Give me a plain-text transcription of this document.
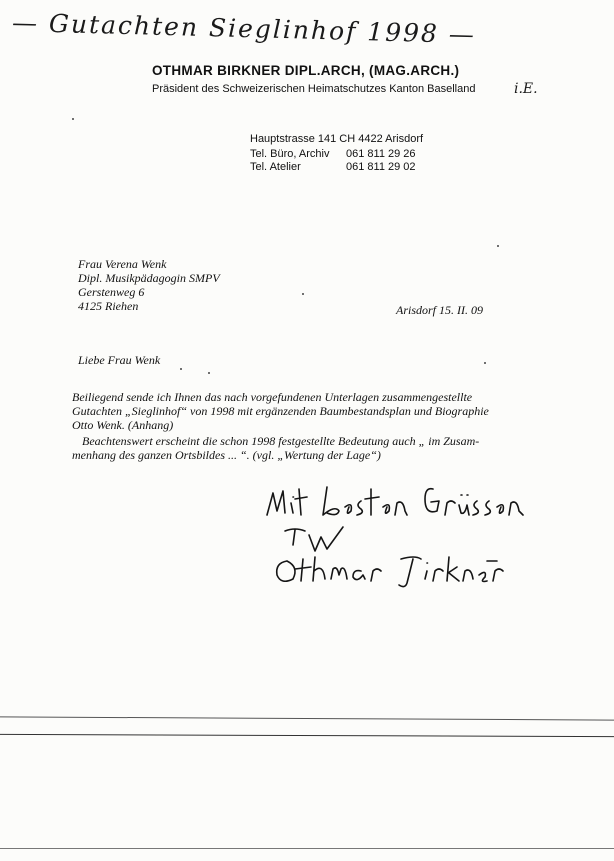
— Gutachten Sieglinhof 1998 —
OTHMAR BIRKNER DIPL.ARCH, (MAG.ARCH.)
Präsident des Schweizerischen Heimatschutzes Kanton Baselland	i.E.
Hauptstrasse 141 CH 4422 Arisdorf
Tel. Büro, Archiv 061 811 29 26
Tel. Atelier	061 811 29 02
Frau Verena Wenk
Dipl. Musikpädagogin SMPV
Gerstenweg 6
4125 Riehen	Arisdorf 15. II. 09
Liebe Frau Wenk
Beiliegend sende ich Ihnen das nach vorgefundenen Unterlagen zusammengestellte
Gutachten „Sieglinhof“ von 1998 mit ergänzenden Baumbestandsplan und Biographie
Otto Wenk. (Anhang)
Beachtenswert erscheint die schon 1998 festgestellte Bedeutung auch „ im Zusam-
menhang des ganzen Ortsbildes ... “. (vgl. „Wertung der Lage“)
